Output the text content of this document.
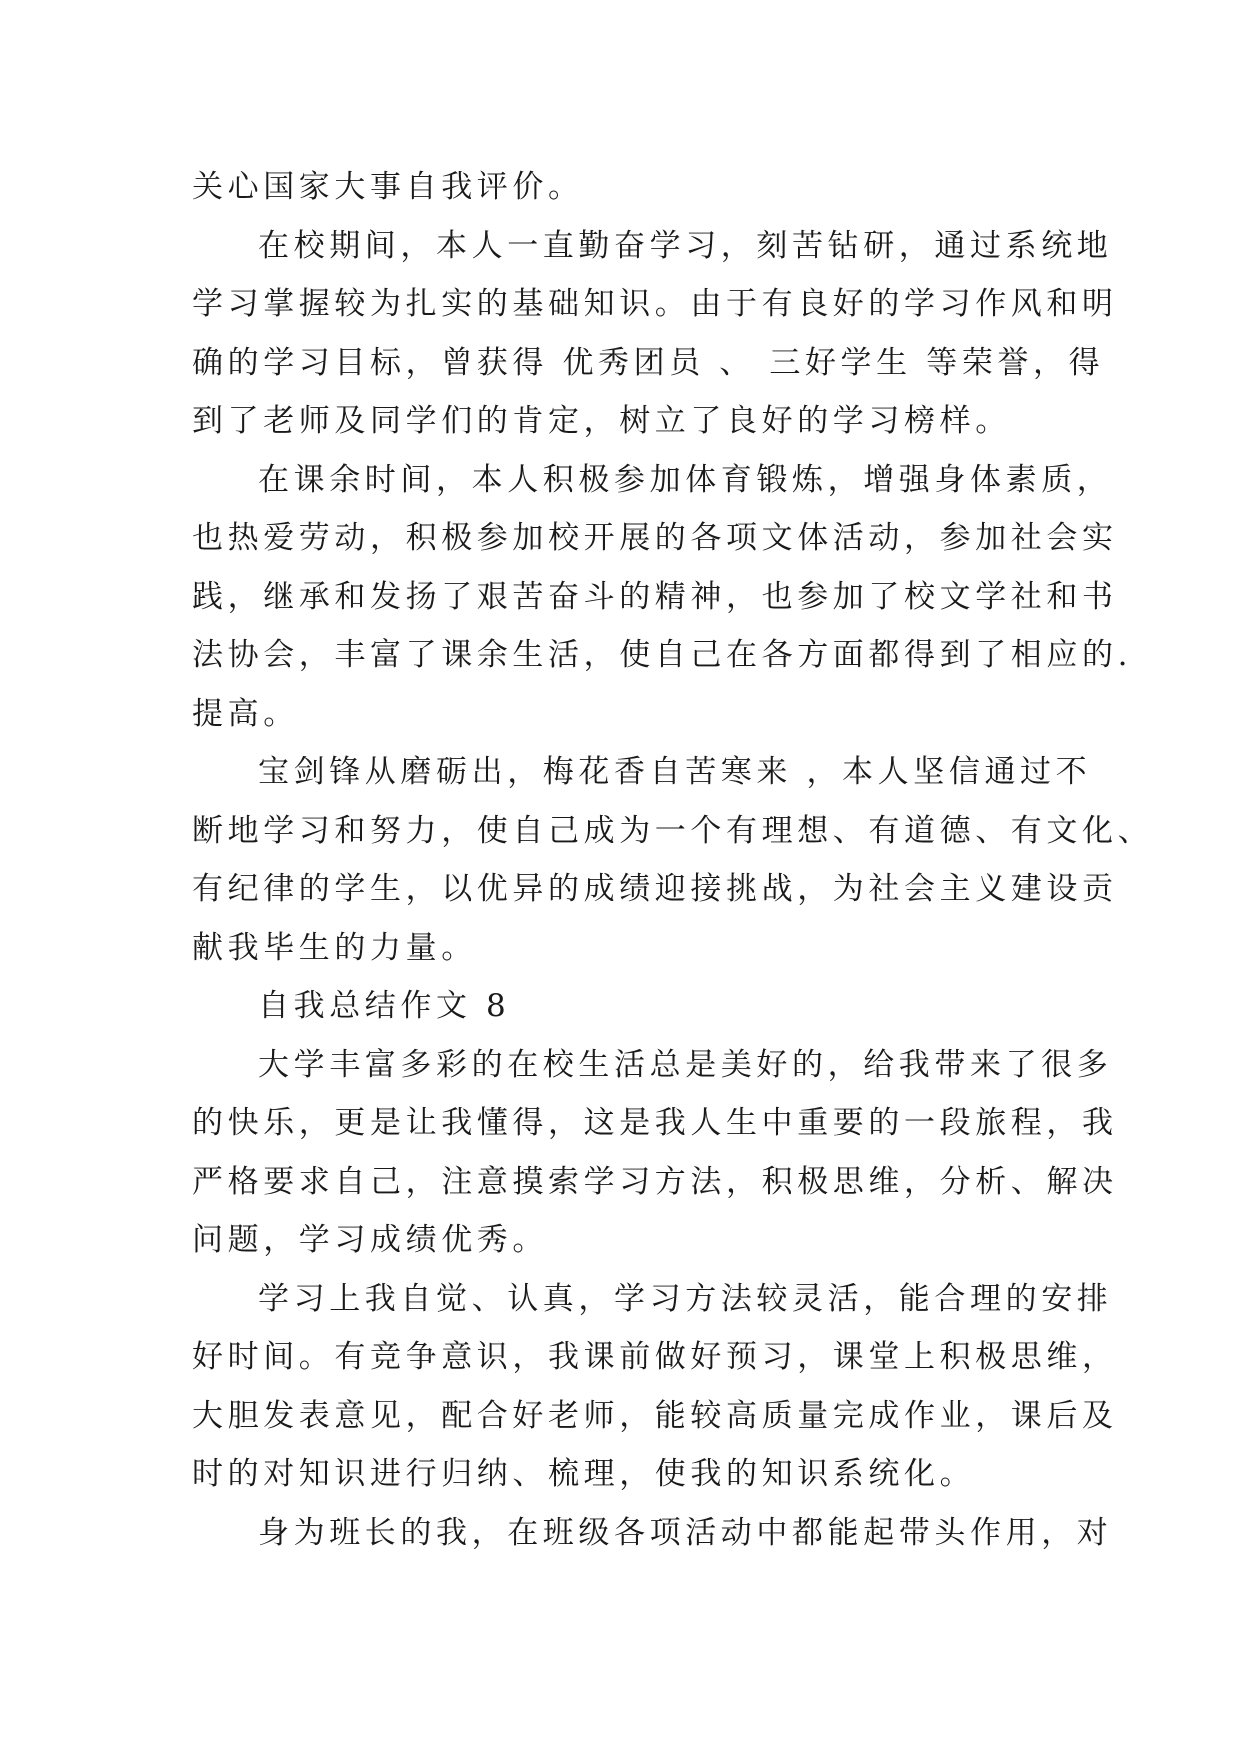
关心国家大事自我评价。
在校期间，本人一直勤奋学习，刻苦钻研，通过系统地
学习掌握较为扎实的基础知识。由于有良好的学习作风和明
确的学习目标，曾获得 优秀团员 、 三好学生 等荣誉，得
到了老师及同学们的肯定，树立了良好的学习榜样。
在课余时间，本人积极参加体育锻炼，增强身体素质，
也热爱劳动，积极参加校开展的各项文体活动，参加社会实
践，继承和发扬了艰苦奋斗的精神，也参加了校文学社和书
法协会，丰富了课余生活，使自己在各方面都得到了相应的.
提高。
宝剑锋从磨砺出，梅花香自苦寒来 ，本人坚信通过不
断地学习和努力，使自己成为一个有理想、有道德、有文化、
有纪律的学生，以优异的成绩迎接挑战，为社会主义建设贡
献我毕生的力量。
自我总结作文 8
大学丰富多彩的在校生活总是美好的，给我带来了很多
的快乐，更是让我懂得，这是我人生中重要的一段旅程，我
严格要求自己，注意摸索学习方法，积极思维，分析、解决
问题，学习成绩优秀。
学习上我自觉、认真，学习方法较灵活，能合理的安排
好时间。有竞争意识，我课前做好预习，课堂上积极思维，
大胆发表意见，配合好老师，能较高质量完成作业，课后及
时的对知识进行归纳、梳理，使我的知识系统化。
身为班长的我，在班级各项活动中都能起带头作用，对
